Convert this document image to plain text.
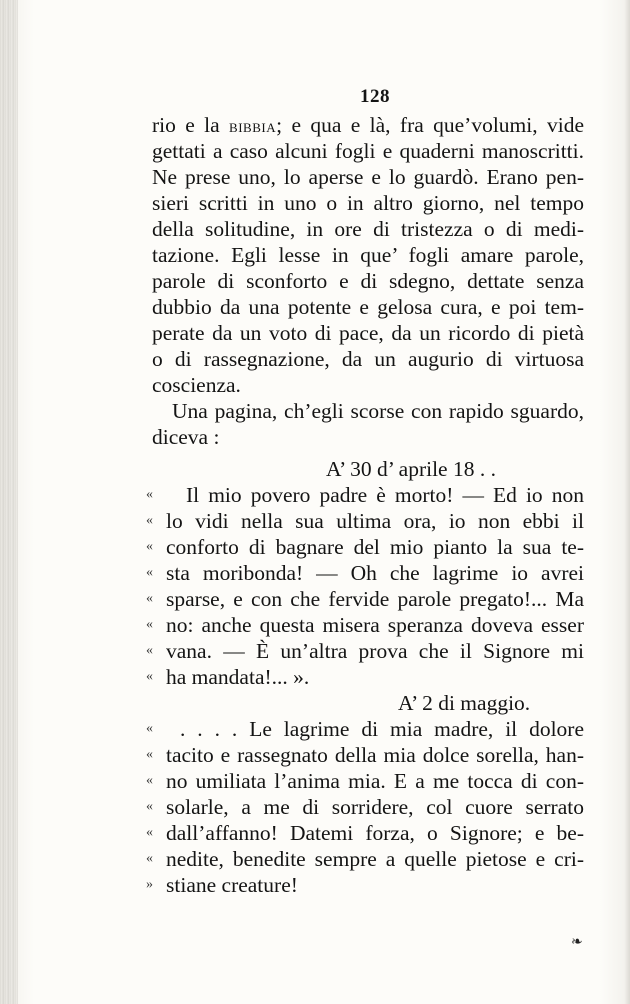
128
rio e la bibbia; e qua e là, fra que’volumi, vide
gettati a caso alcuni fogli e quaderni manoscritti.
Ne prese uno, lo aperse e lo guardò. Erano pen-
sieri scritti in uno o in altro giorno, nel tempo
della solitudine, in ore di tristezza o di medi-
tazione. Egli lesse in que’ fogli amare parole,
parole di sconforto e di sdegno, dettate senza
dubbio da una potente e gelosa cura, e poi tem-
perate da un voto di pace, da un ricordo di pietà
o di rassegnazione, da un augurio di virtuosa
coscienza.
Una pagina, ch’egli scorse con rapido sguardo,
diceva :
A’ 30 d’ aprile 18 . .
« Il mio povero padre è morto! — Ed io non
« lo vidi nella sua ultima ora, io non ebbi il
« conforto di bagnare del mio pianto la sua te-
« sta moribonda! — Oh che lagrime io avrei
« sparse, e con che fervide parole pregato!... Ma
« no: anche questa misera speranza doveva esser
« vana. — È un’altra prova che il Signore mi
« ha mandata!... ».
A’ 2 di maggio.
« . . . . Le lagrime di mia madre, il dolore
« tacito e rassegnato della mia dolce sorella, han-
« no umiliata l’anima mia. E a me tocca di con-
« solarle, a me di sorridere, col cuore serrato
« dall’affanno! Datemi forza, o Signore; e be-
« nedite, benedite sempre a quelle pietose e cri-
» stiane creature!
❧
